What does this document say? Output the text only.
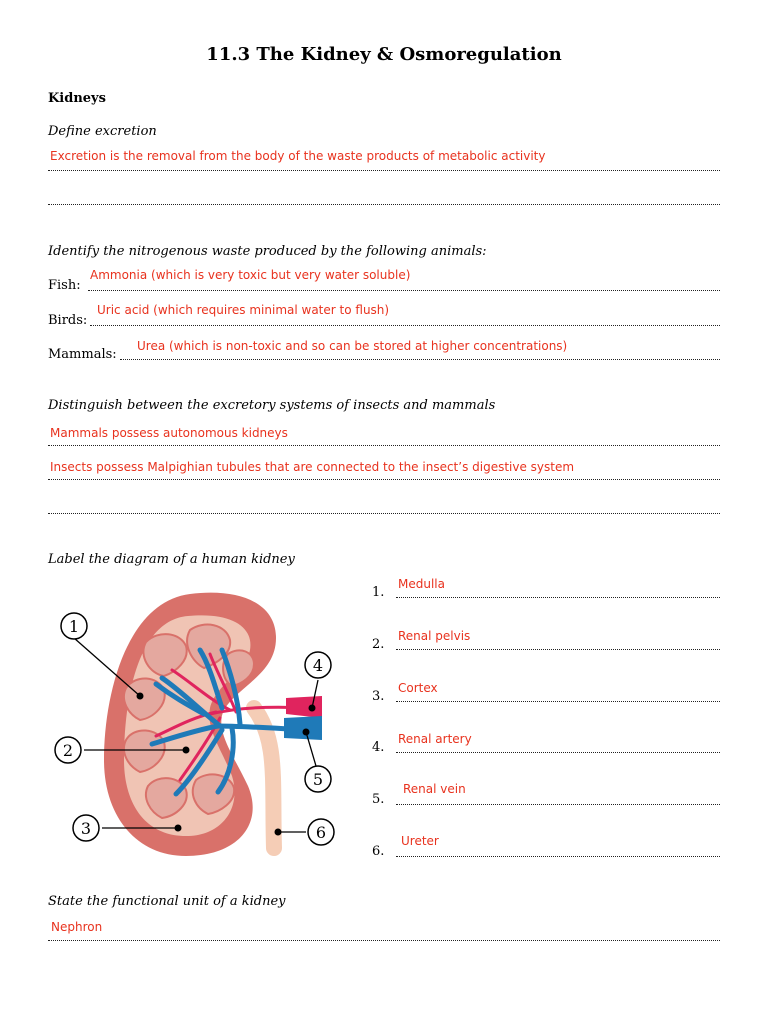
11.3 The Kidney & Osmoregulation
Kidneys
Define excretion
Excretion is the removal from the body of the waste products of metabolic activity
Identify the nitrogenous waste produced by the following animals:
Fish:
Ammonia (which is very toxic but very water soluble)
Birds:
Uric acid (which requires minimal water to flush)
Mammals:
Urea (which is non-toxic and so can be stored at higher concentrations)
Distinguish between the excretory systems of insects and mammals
Mammals possess autonomous kidneys
Insects possess Malpighian tubules that are connected to the insect’s digestive system
Label the diagram of a human kidney
1
2
3
4
5
6
1.
Medulla
2.
Renal pelvis
3.
Cortex
4.
Renal artery
5.
Renal vein
6.
Ureter
State the functional unit of a kidney
Nephron
